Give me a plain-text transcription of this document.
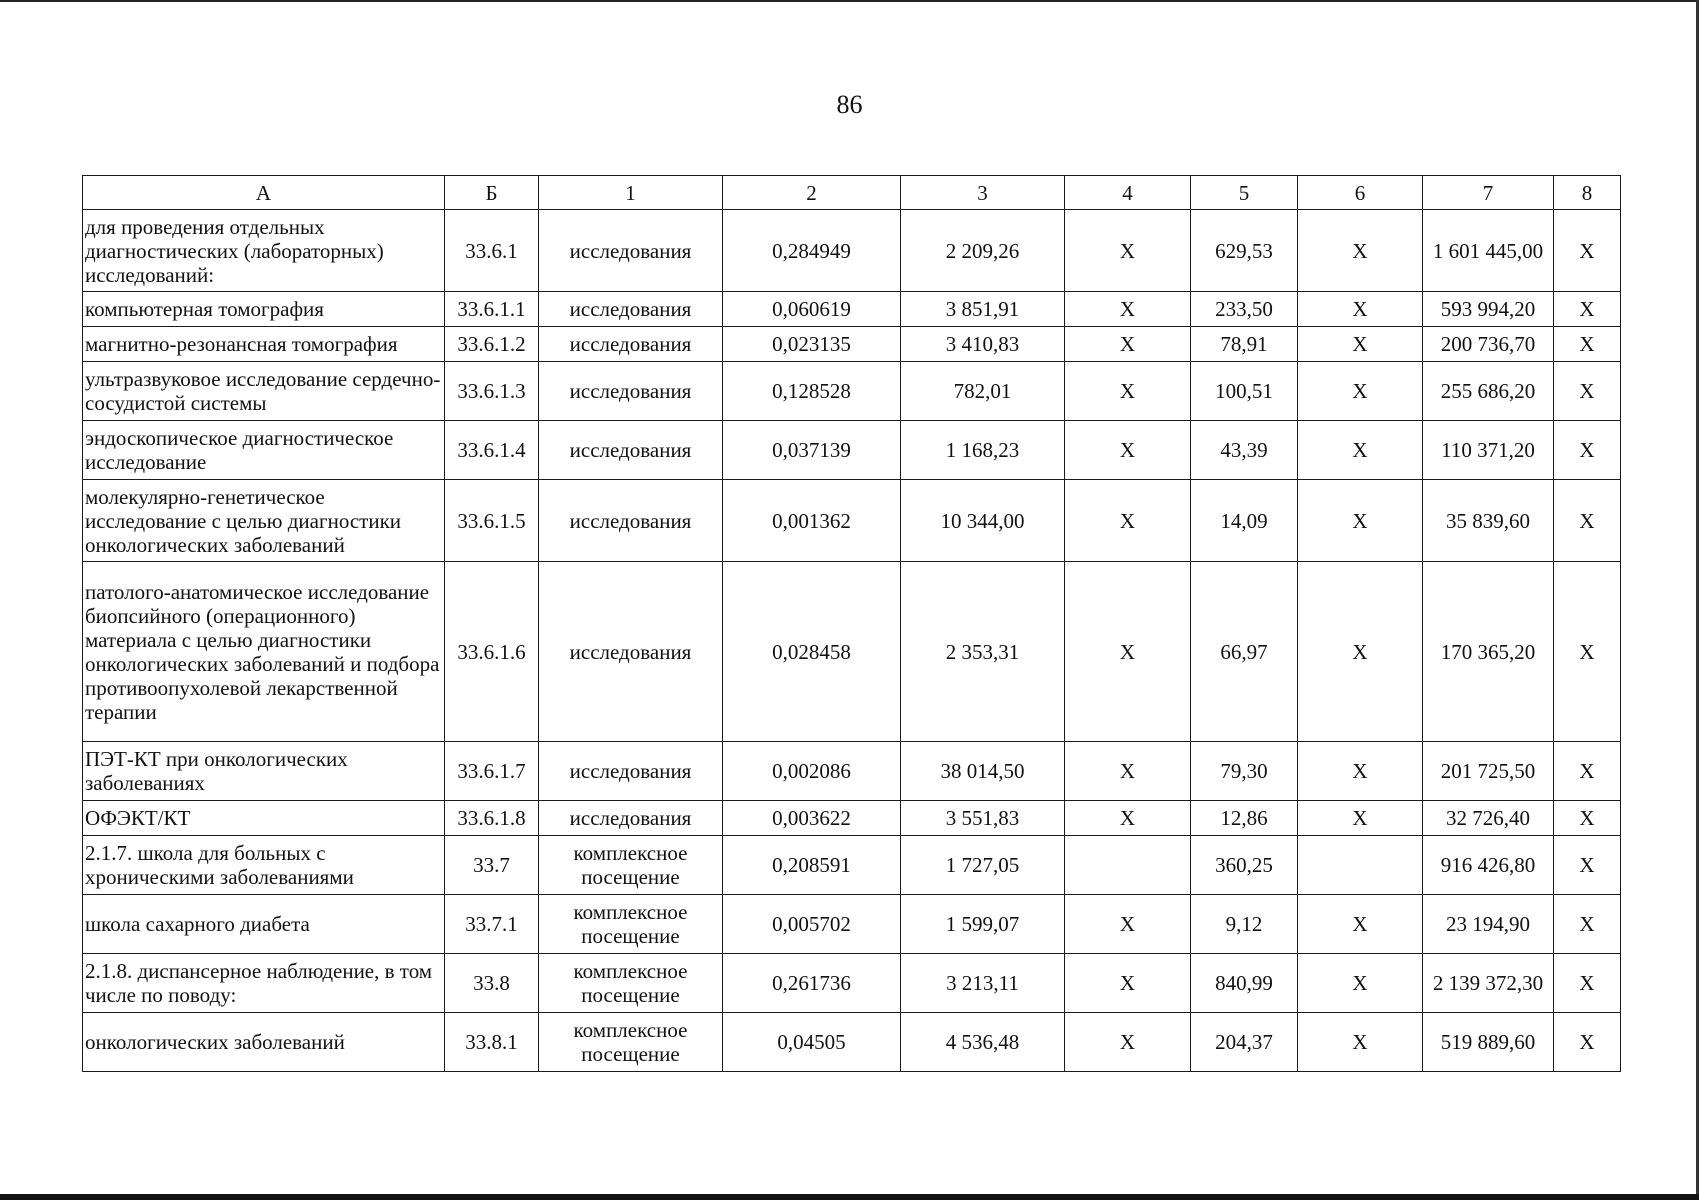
86
А	Б	1	2	3	4	5	6	7	8
для проведения отдельных диагностических (лабораторных) исследований:	33.6.1	исследования	0,284949	2 209,26	Х	629,53	Х	1 601 445,00	Х
компьютерная томография	33.6.1.1	исследования	0,060619	3 851,91	Х	233,50	Х	593 994,20	Х
магнитно-резонансная томография	33.6.1.2	исследования	0,023135	3 410,83	Х	78,91	Х	200 736,70	Х
ультразвуковое исследование сердечно-сосудистой системы	33.6.1.3	исследования	0,128528	782,01	Х	100,51	Х	255 686,20	Х
эндоскопическое диагностическое исследование	33.6.1.4	исследования	0,037139	1 168,23	Х	43,39	Х	110 371,20	Х
молекулярно-генетическое исследование с целью диагностики онкологических заболеваний	33.6.1.5	исследования	0,001362	10 344,00	Х	14,09	Х	35 839,60	Х
патолого-анатомическое исследование биопсийного (операционного) материала с целью диагностики онкологических заболеваний и подбора противоопухолевой лекарственной терапии	33.6.1.6	исследования	0,028458	2 353,31	Х	66,97	Х	170 365,20	Х
ПЭТ-КТ при онкологических заболеваниях	33.6.1.7	исследования	0,002086	38 014,50	Х	79,30	Х	201 725,50	Х
ОФЭКТ/КТ	33.6.1.8	исследования	0,003622	3 551,83	Х	12,86	Х	32 726,40	Х
2.1.7. школа для больных с хроническими заболеваниями	33.7	комплексное посещение	0,208591	1 727,05		360,25		916 426,80	Х
школа сахарного диабета	33.7.1	комплексное посещение	0,005702	1 599,07	Х	9,12	Х	23 194,90	Х
2.1.8. диспансерное наблюдение, в том числе по поводу:	33.8	комплексное посещение	0,261736	3 213,11	Х	840,99	Х	2 139 372,30	Х
онкологических заболеваний	33.8.1	комплексное посещение	0,04505	4 536,48	Х	204,37	Х	519 889,60	Х
